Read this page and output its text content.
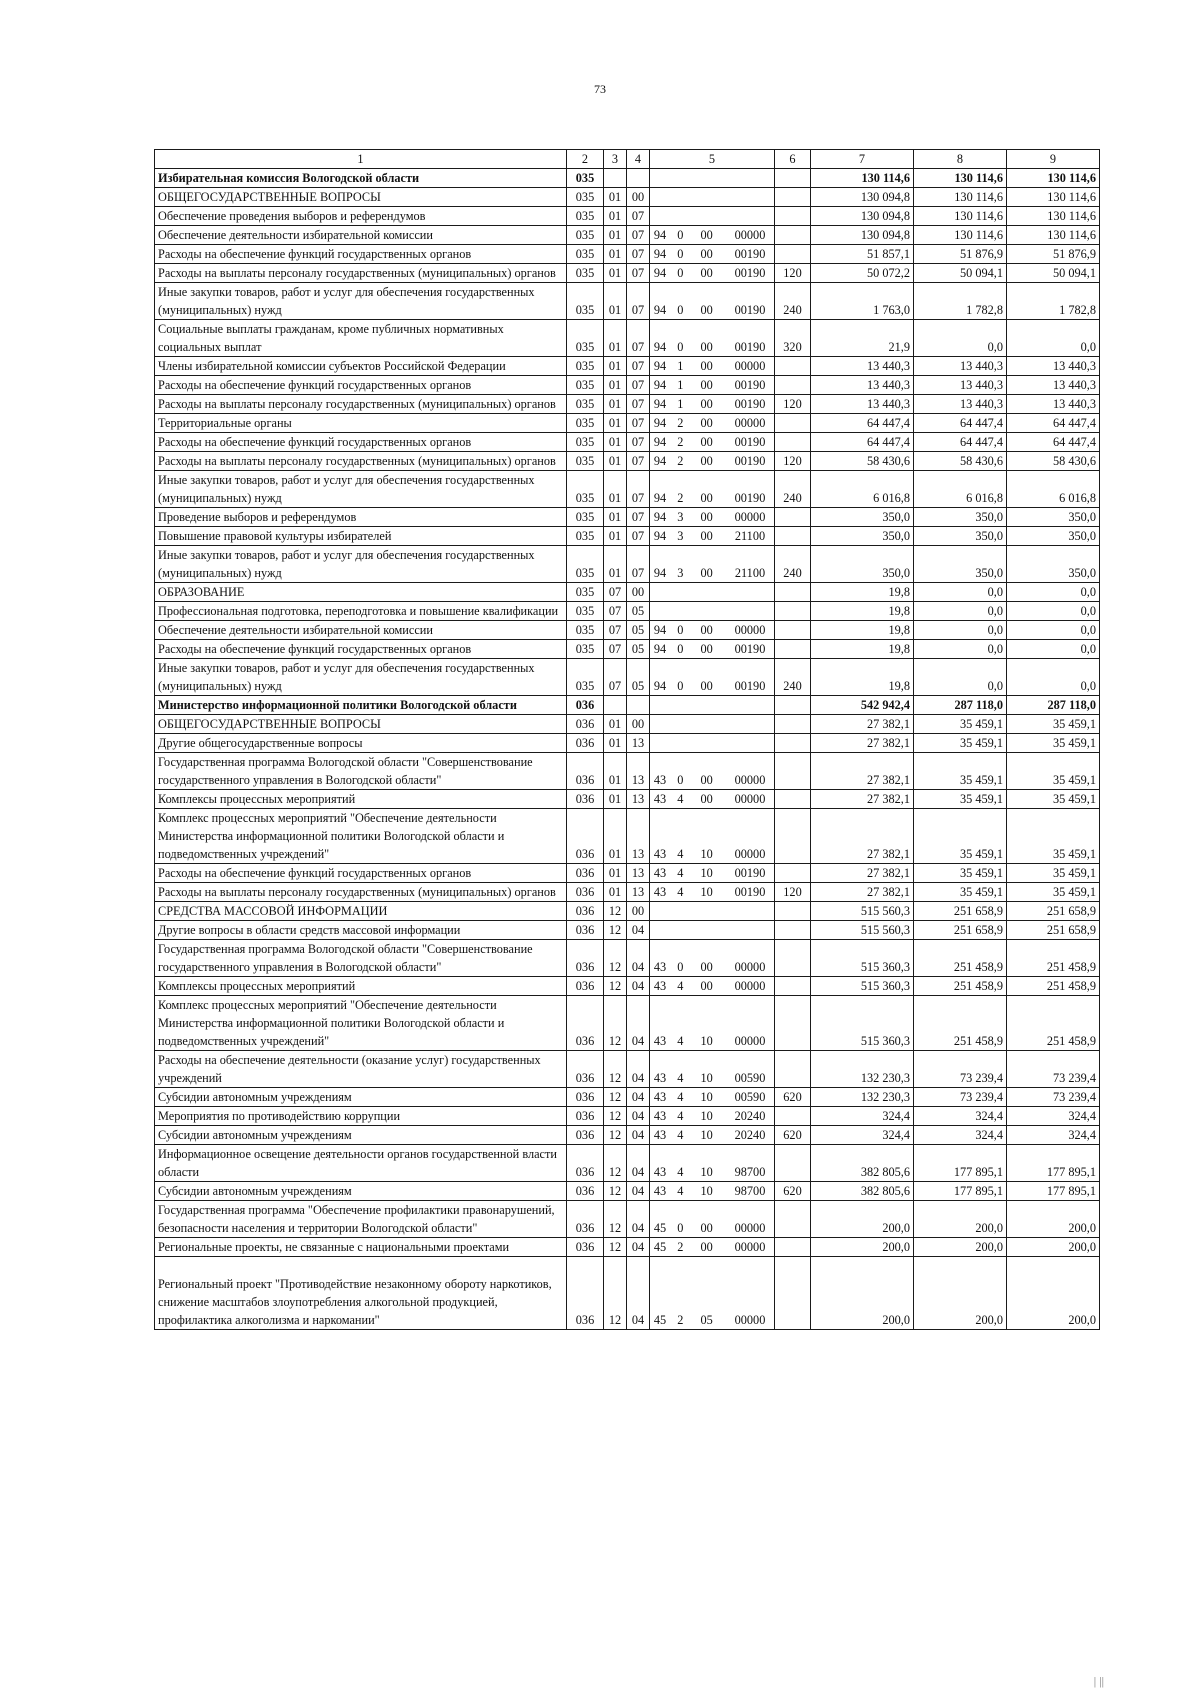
73
1	2	3	4	5	6	7	8	9
Избирательная комиссия Вологодской области	035					130 114,6	130 114,6	130 114,6
ОБЩЕГОСУДАРСТВЕННЫЕ ВОПРОСЫ	035	01	00			130 094,8	130 114,6	130 114,6
Обеспечение проведения выборов и референдумов	035	01	07			130 094,8	130 114,6	130 114,6
Обеспечение деятельности избирательной комиссии	035	01	07	94 0 00 00000		130 094,8	130 114,6	130 114,6
Расходы на обеспечение функций государственных органов	035	01	07	94 0 00 00190		51 857,1	51 876,9	51 876,9
Расходы на выплаты персоналу государственных (муниципальных) органов	035	01	07	94 0 00 00190	120	50 072,2	50 094,1	50 094,1
Иные закупки товаров, работ и услуг для обеспечения государственных (муниципальных) нужд	035	01	07	94 0 00 00190	240	1 763,0	1 782,8	1 782,8
Социальные выплаты гражданам, кроме публичных нормативных социальных выплат	035	01	07	94 0 00 00190	320	21,9	0,0	0,0
Члены избирательной комиссии субъектов Российской Федерации	035	01	07	94 1 00 00000		13 440,3	13 440,3	13 440,3
Расходы на обеспечение функций государственных органов	035	01	07	94 1 00 00190		13 440,3	13 440,3	13 440,3
Расходы на выплаты персоналу государственных (муниципальных) органов	035	01	07	94 1 00 00190	120	13 440,3	13 440,3	13 440,3
Территориальные органы	035	01	07	94 2 00 00000		64 447,4	64 447,4	64 447,4
Расходы на обеспечение функций государственных органов	035	01	07	94 2 00 00190		64 447,4	64 447,4	64 447,4
Расходы на выплаты персоналу государственных (муниципальных) органов	035	01	07	94 2 00 00190	120	58 430,6	58 430,6	58 430,6
Иные закупки товаров, работ и услуг для обеспечения государственных (муниципальных) нужд	035	01	07	94 2 00 00190	240	6 016,8	6 016,8	6 016,8
Проведение выборов и референдумов	035	01	07	94 3 00 00000		350,0	350,0	350,0
Повышение правовой культуры избирателей	035	01	07	94 3 00 21100		350,0	350,0	350,0
Иные закупки товаров, работ и услуг для обеспечения государственных (муниципальных) нужд	035	01	07	94 3 00 21100	240	350,0	350,0	350,0
ОБРАЗОВАНИЕ	035	07	00			19,8	0,0	0,0
Профессиональная подготовка, переподготовка и повышение квалификации	035	07	05			19,8	0,0	0,0
Обеспечение деятельности избирательной комиссии	035	07	05	94 0 00 00000		19,8	0,0	0,0
Расходы на обеспечение функций государственных органов	035	07	05	94 0 00 00190		19,8	0,0	0,0
Иные закупки товаров, работ и услуг для обеспечения государственных (муниципальных) нужд	035	07	05	94 0 00 00190	240	19,8	0,0	0,0
Министерство информационной политики Вологодской области	036					542 942,4	287 118,0	287 118,0
ОБЩЕГОСУДАРСТВЕННЫЕ ВОПРОСЫ	036	01	00			27 382,1	35 459,1	35 459,1
Другие общегосударственные вопросы	036	01	13			27 382,1	35 459,1	35 459,1
Государственная программа Вологодской области "Совершенствование государственного управления в Вологодской области"	036	01	13	43 0 00 00000		27 382,1	35 459,1	35 459,1
Комплексы процессных мероприятий	036	01	13	43 4 00 00000		27 382,1	35 459,1	35 459,1
Комплекс процессных мероприятий "Обеспечение деятельности Министерства информационной политики Вологодской области и подведомственных учреждений"	036	01	13	43 4 10 00000		27 382,1	35 459,1	35 459,1
Расходы на обеспечение функций государственных органов	036	01	13	43 4 10 00190		27 382,1	35 459,1	35 459,1
Расходы на выплаты персоналу государственных (муниципальных) органов	036	01	13	43 4 10 00190	120	27 382,1	35 459,1	35 459,1
СРЕДСТВА МАССОВОЙ ИНФОРМАЦИИ	036	12	00			515 560,3	251 658,9	251 658,9
Другие вопросы в области средств массовой информации	036	12	04			515 560,3	251 658,9	251 658,9
Государственная программа Вологодской области "Совершенствование государственного управления в Вологодской области"	036	12	04	43 0 00 00000		515 360,3	251 458,9	251 458,9
Комплексы процессных мероприятий	036	12	04	43 4 00 00000		515 360,3	251 458,9	251 458,9
Комплекс процессных мероприятий "Обеспечение деятельности Министерства информационной политики Вологодской области и подведомственных учреждений"	036	12	04	43 4 10 00000		515 360,3	251 458,9	251 458,9
Расходы на обеспечение деятельности (оказание услуг) государственных учреждений	036	12	04	43 4 10 00590		132 230,3	73 239,4	73 239,4
Субсидии автономным учреждениям	036	12	04	43 4 10 00590	620	132 230,3	73 239,4	73 239,4
Мероприятия по противодействию коррупции	036	12	04	43 4 10 20240		324,4	324,4	324,4
Субсидии автономным учреждениям	036	12	04	43 4 10 20240	620	324,4	324,4	324,4
Информационное освещение деятельности органов государственной власти области	036	12	04	43 4 10 98700		382 805,6	177 895,1	177 895,1
Субсидии автономным учреждениям	036	12	04	43 4 10 98700	620	382 805,6	177 895,1	177 895,1
Государственная программа "Обеспечение профилактики правонарушений, безопасности населения и территории Вологодской области"	036	12	04	45 0 00 00000		200,0	200,0	200,0
Региональные проекты, не связанные с национальными проектами	036	12	04	45 2 00 00000		200,0	200,0	200,0
Региональный проект "Противодействие незаконному обороту наркотиков, снижение масштабов злоупотребления алкогольной продукцией, профилактика алкоголизма и наркомании"	036	12	04	45 2 05 00000		200,0	200,0	200,0
| ||
